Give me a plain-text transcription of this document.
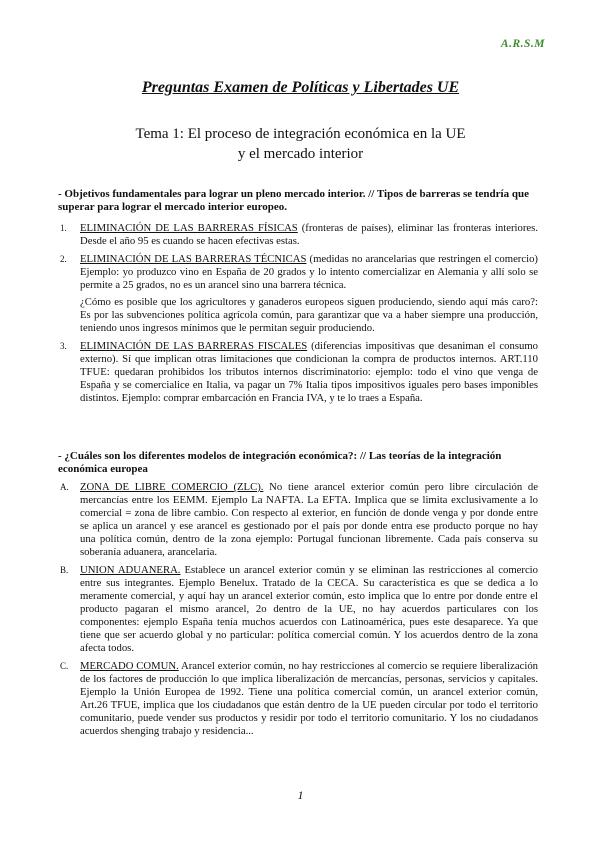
A.R.S.M
Preguntas Examen de Políticas y Libertades UE
Tema 1: El proceso de integración económica en la UE
y el mercado interior
- Objetivos fundamentales para lograr un pleno mercado interior. // Tipos de barreras se tendría que superar para lograr el mercado interior europeo.
1. ELIMINACIÓN DE LAS BARRERAS FÍSICAS (fronteras de países), eliminar las fronteras interiores. Desde el año 95 es cuando se hacen efectivas estas.
2. ELIMINACIÓN DE LAS BARRERAS TÉCNICAS (medidas no arancelarias que restringen el comercio) Ejemplo: yo produzco vino en España de 20 grados y lo intento comercializar en Alemania y allí solo se permite a 25 grados, no es un arancel sino una barrera técnica.
¿Cómo es posible que los agricultores y ganaderos europeos siguen produciendo, siendo aquí más caro?: Es por las subvenciones política agrícola común, para garantizar que va a haber siempre una producción, teniendo unos ingresos mínimos que le permitan seguir produciendo.
3. ELIMINACIÓN DE LAS BARRERAS FISCALES (diferencias impositivas que desaniman el consumo externo). Sí que implican otras limitaciones que condicionan la compra de productos internos. ART.110 TFUE: quedaran prohibidos los tributos internos discriminatorio: ejemplo: todo el vino que venga de España y se comercialice en Italia, va pagar un 7% Italia tipos impositivos iguales pero bases imponibles distintos. Ejemplo: comprar embarcación en Francia IVA, y te lo traes a España.
- ¿Cuáles son los diferentes modelos de integración económica?: // Las teorías de la integración económica europea
A. ZONA DE LIBRE COMERCIO (ZLC). No tiene arancel exterior común pero libre circulación de mercancías entre los EEMM. Ejemplo La NAFTA. La EFTA. Implica que se limita exclusivamente a lo comercial = zona de libre cambio. Con respecto al exterior, en función de donde venga y por donde entre se aplica un arancel y ese arancel es gestionado por el país por donde entra ese producto porque no hay una política común, dentro de la zona ejemplo: Portugal funcionan libremente. Cada país conserva su soberanía aduanera, arancelaria.
B. UNION ADUANERA. Establece un arancel exterior común y se eliminan las restricciones al comercio entre sus integrantes. Ejemplo Benelux. Tratado de la CECA. Su característica es que se dedica a lo meramente comercial, y aquí hay un arancel exterior común, esto implica que lo entre por donde entre el producto pagaran el mismo arancel, 2o dentro de la UE, no hay acuerdos particulares con los componentes: ejemplo España tenía muchos acuerdos con Latinoamérica, pues este desaparece. Ya que tiene que ser acuerdo global y no particular: política comercial común. Y los acuerdos dentro de la zona afecta todos.
C. MERCADO COMUN. Arancel exterior común, no hay restricciones al comercio se requiere liberalización de los factores de producción lo que implica liberalización de mercancías, personas, servicios y capitales. Ejemplo la Unión Europea de 1992. Tiene una política comercial común, un arancel exterior común, Art.26 TFUE, implica que los ciudadanos que están dentro de la UE pueden circular por todo el territorio comunitario, puede vender sus productos y residir por todo el territorio comunitario. Y los no ciudadanos acuerdos shenging trabajo y residencia...
1
